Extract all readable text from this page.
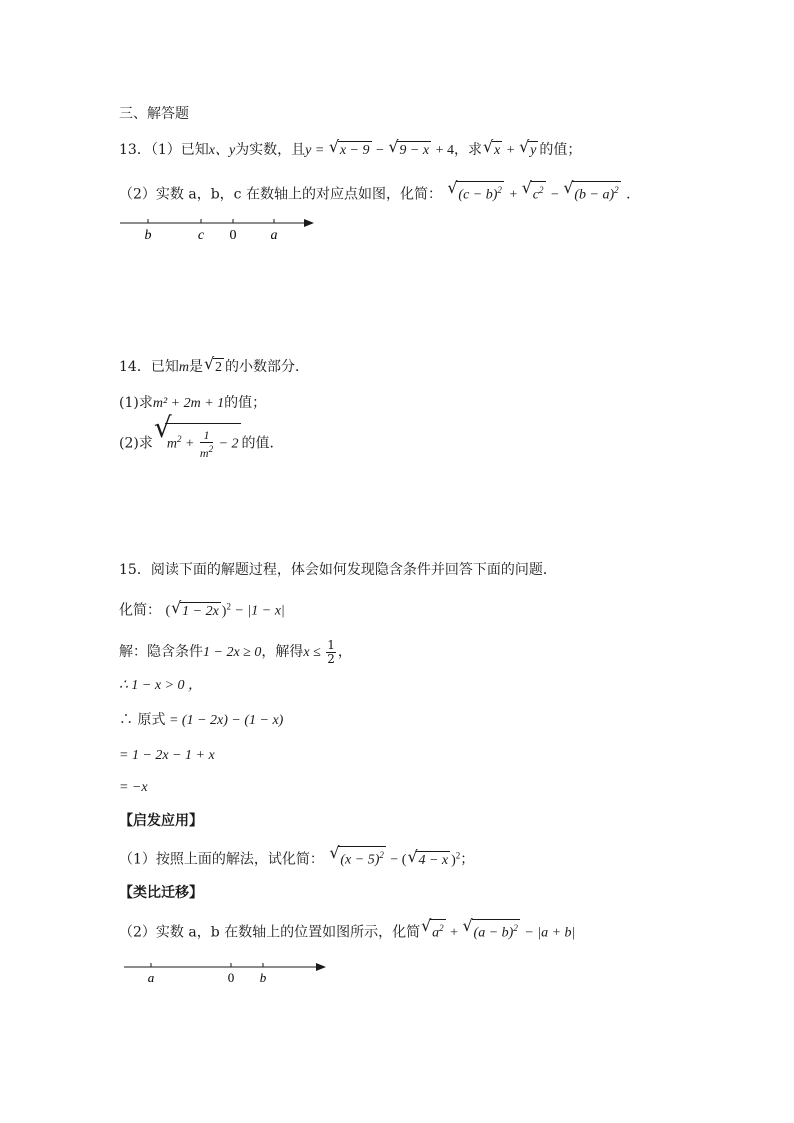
三、解答题
13．（1）已知x、y为实数，且y = √ x − 9 − √ 9 − x + 4，求 √ x + √ y 的值；
（2）实数 a，b，c 在数轴上的对应点如图，化简： √ $(c - b)^2$ + √ $c^2$ − √ $(b - a)^2$ ．
b	c 0 a
14．已知m是 √ 2 的小数部分．
(1)求m² + 2m + 1的值；
(2)求 √
$m^2 + \frac{1}{m^2} - 2$ 的值．
15．阅读下面的解题过程，体会如何发现隐含条件并回答下面的问题．
化简： ( √ 1 − 2x )$^2$ − |1 − x|
解：隐含条件1 − 2x ≥ 0，解得$x \le \frac{1}{2}$ ，
∴ 1 − x > 0 ，
∴ 原式 = (1 − 2x) − (1 − x)
= 1 − 2x − 1 + x
= −x
【启发应用】
（1）按照上面的解法，试化简： √ $(x - 5)^2$ − ( √ 4 − x )$^2$；
【类比迁移】
（2）实数 a，b 在数轴上的位置如图所示，化简 √ $a^2$ + √ $(a - b)^2 - |a + b|$
a	0 b
